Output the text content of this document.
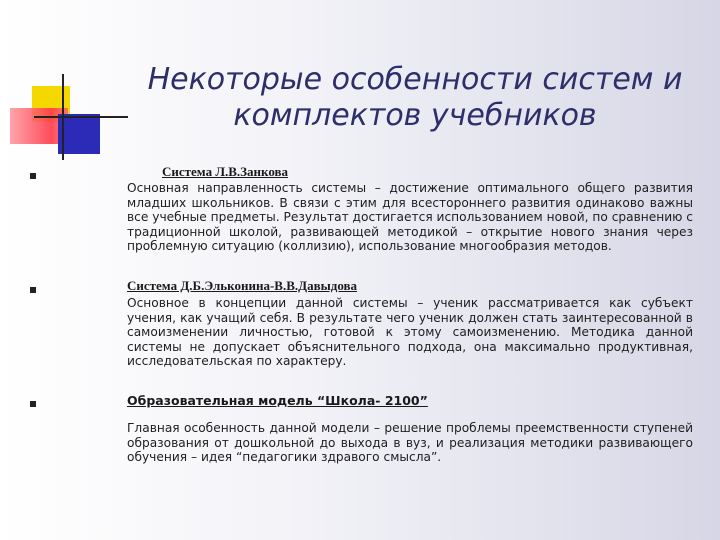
Некоторые особенности систем и комплектов учебников
Система Л.В.Занкова

Основная направленность системы – достижение оптимального общего развития младших школьников. В связи с этим для всестороннего развития одинаково важны все учебные предметы. Результат достигается использованием новой, по сравнению с традиционной школой, развивающей методикой – открытие нового знания через проблемную ситуацию (коллизию), использование многообразия методов.

Система Д.Б.Эльконина-В.В.Давыдова

Основное в концепции данной системы – ученик рассматривается как субъект учения, как учащий себя. В результате чего ученик должен стать заинтересованной в самоизменении личностью, готовой к этому самоизменению. Методика данной системы не допускает объяснительного подхода, она максимально продуктивная, исследовательская по характеру.

Образовательная модель “Школа- 2100”

Главная особенность данной модели – решение проблемы преемственности ступеней образования от дошкольной до выхода в вуз, и реализация методики развивающего обучения – идея “педагогики здравого смысла”.
